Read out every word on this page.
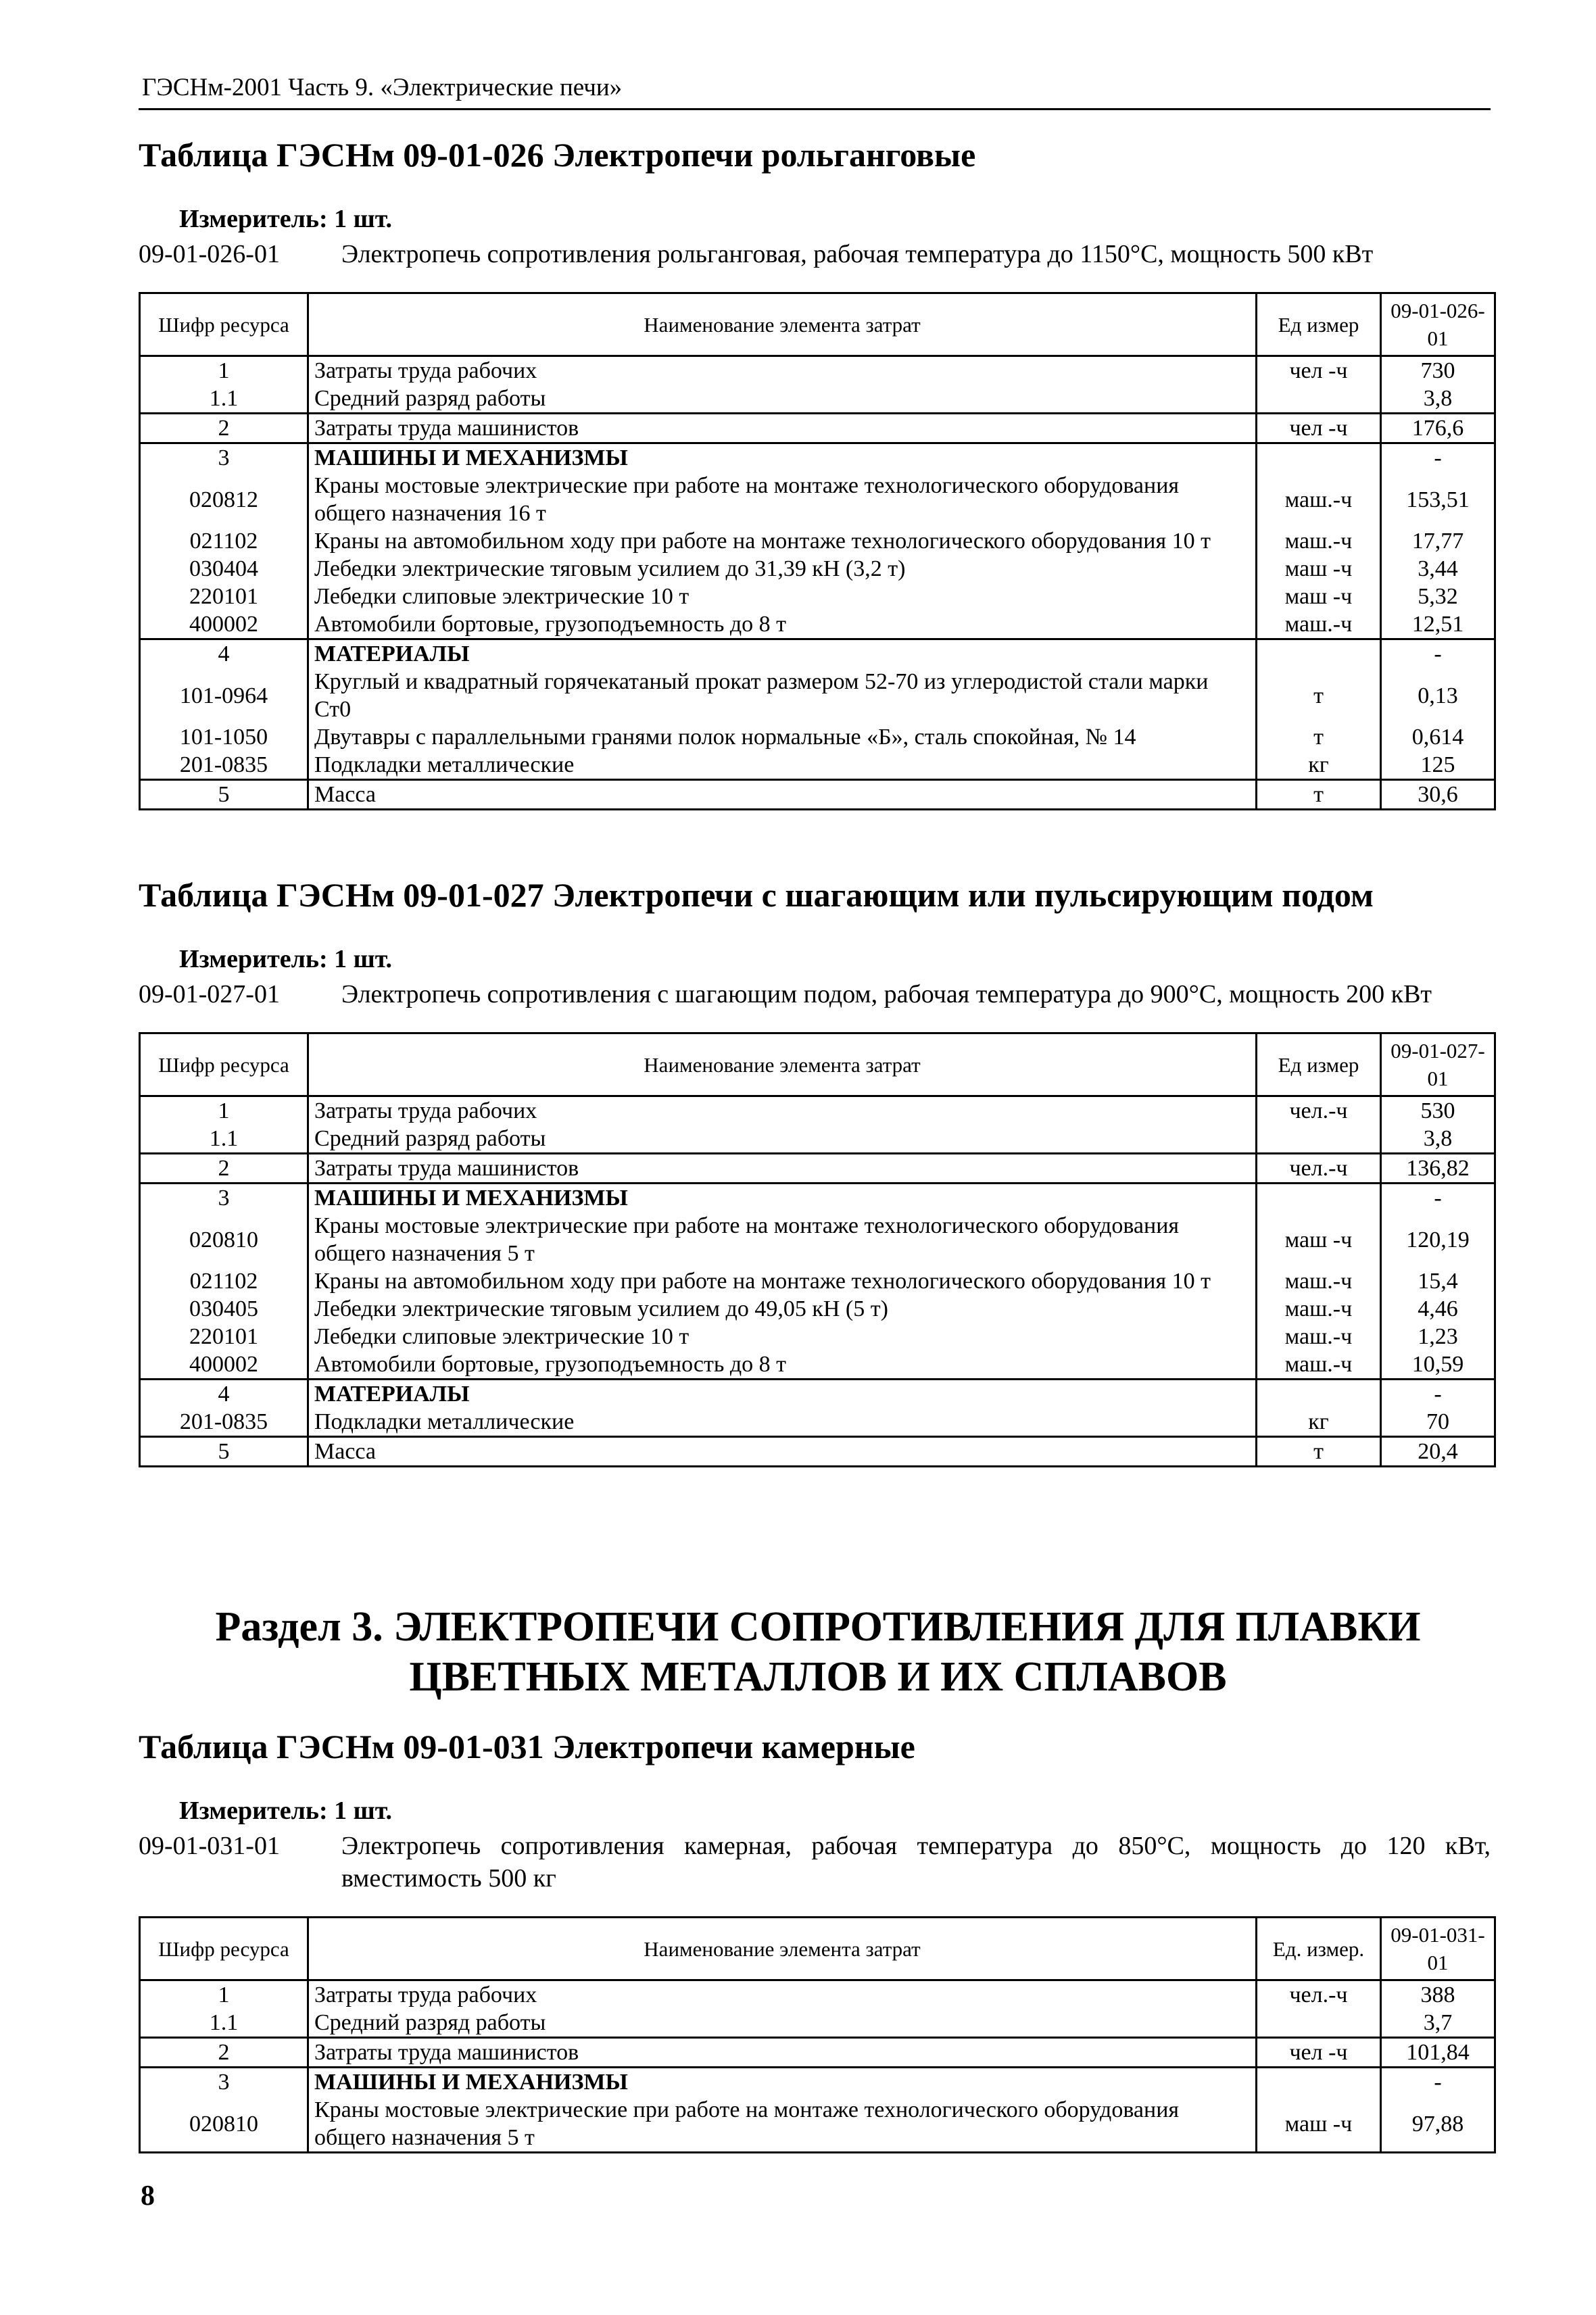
ГЭСНм-2001 Часть 9. «Электрические печи»
Таблица ГЭСНм 09-01-026 Электропечи рольганговые
Измеритель: 1 шт.
09-01-026-01	Электропечь сопротивления рольганговая, рабочая температура до 1150°С, мощность 500 кВт
Шифр ресурса	Наименование элемента затрат	Ед измер	09-01-026-01
1	Затраты труда рабочих	чел -ч	730
1.1	Средний разряд работы		3,8
2	Затраты труда машинистов	чел -ч	176,6
3	МАШИНЫ И МЕХАНИЗМЫ		-
020812	Краны мостовые электрические при работе на монтаже технологического оборудования общего назначения 16 т	маш.-ч	153,51
021102	Краны на автомобильном ходу при работе на монтаже технологического оборудования 10 т	маш.-ч	17,77
030404	Лебедки электрические тяговым усилием до 31,39 кН (3,2 т)	маш -ч	3,44
220101	Лебедки слиповые электрические 10 т	маш -ч	5,32
400002	Автомобили бортовые, грузоподъемность до 8 т	маш.-ч	12,51
4	МАТЕРИАЛЫ		-
101-0964	Круглый и квадратный горячекатаный прокат размером 52-70 из углеродистой стали марки Ст0	т	0,13
101-1050	Двутавры с параллельными гранями полок нормальные «Б», сталь спокойная, № 14	т	0,614
201-0835	Подкладки металлические	кг	125
5	Масса	т	30,6
Таблица ГЭСНм 09-01-027 Электропечи с шагающим или пульсирующим подом
Измеритель: 1 шт.
09-01-027-01	Электропечь сопротивления с шагающим подом, рабочая температура до 900°С, мощность 200 кВт
Шифр ресурса	Наименование элемента затрат	Ед измер	09-01-027-01
1	Затраты труда рабочих	чел.-ч	530
1.1	Средний разряд работы		3,8
2	Затраты труда машинистов	чел.-ч	136,82
3	МАШИНЫ И МЕХАНИЗМЫ		-
020810	Краны мостовые электрические при работе на монтаже технологического оборудования общего назначения 5 т	маш -ч	120,19
021102	Краны на автомобильном ходу при работе на монтаже технологического оборудования 10 т	маш.-ч	15,4
030405	Лебедки электрические тяговым усилием до 49,05 кН (5 т)	маш.-ч	4,46
220101	Лебедки слиповые электрические 10 т	маш.-ч	1,23
400002	Автомобили бортовые, грузоподъемность до 8 т	маш.-ч	10,59
4	МАТЕРИАЛЫ		-
201-0835	Подкладки металлические	кг	70
5	Масса	т	20,4
Раздел 3. ЭЛЕКТРОПЕЧИ СОПРОТИВЛЕНИЯ ДЛЯ ПЛАВКИ ЦВЕТНЫХ МЕТАЛЛОВ И ИХ СПЛАВОВ
Таблица ГЭСНм 09-01-031 Электропечи камерные
Измеритель: 1 шт.
09-01-031-01	Электропечь сопротивления камерная, рабочая температура до 850°С, мощность до 120 кВт, вместимость 500 кг
Шифр ресурса	Наименование элемента затрат	Ед. измер.	09-01-031-01
1	Затраты труда рабочих	чел.-ч	388
1.1	Средний разряд работы		3,7
2	Затраты труда машинистов	чел -ч	101,84
3	МАШИНЫ И МЕХАНИЗМЫ		-
020810	Краны мостовые электрические при работе на монтаже технологического оборудования общего назначения 5 т	маш -ч	97,88
8
